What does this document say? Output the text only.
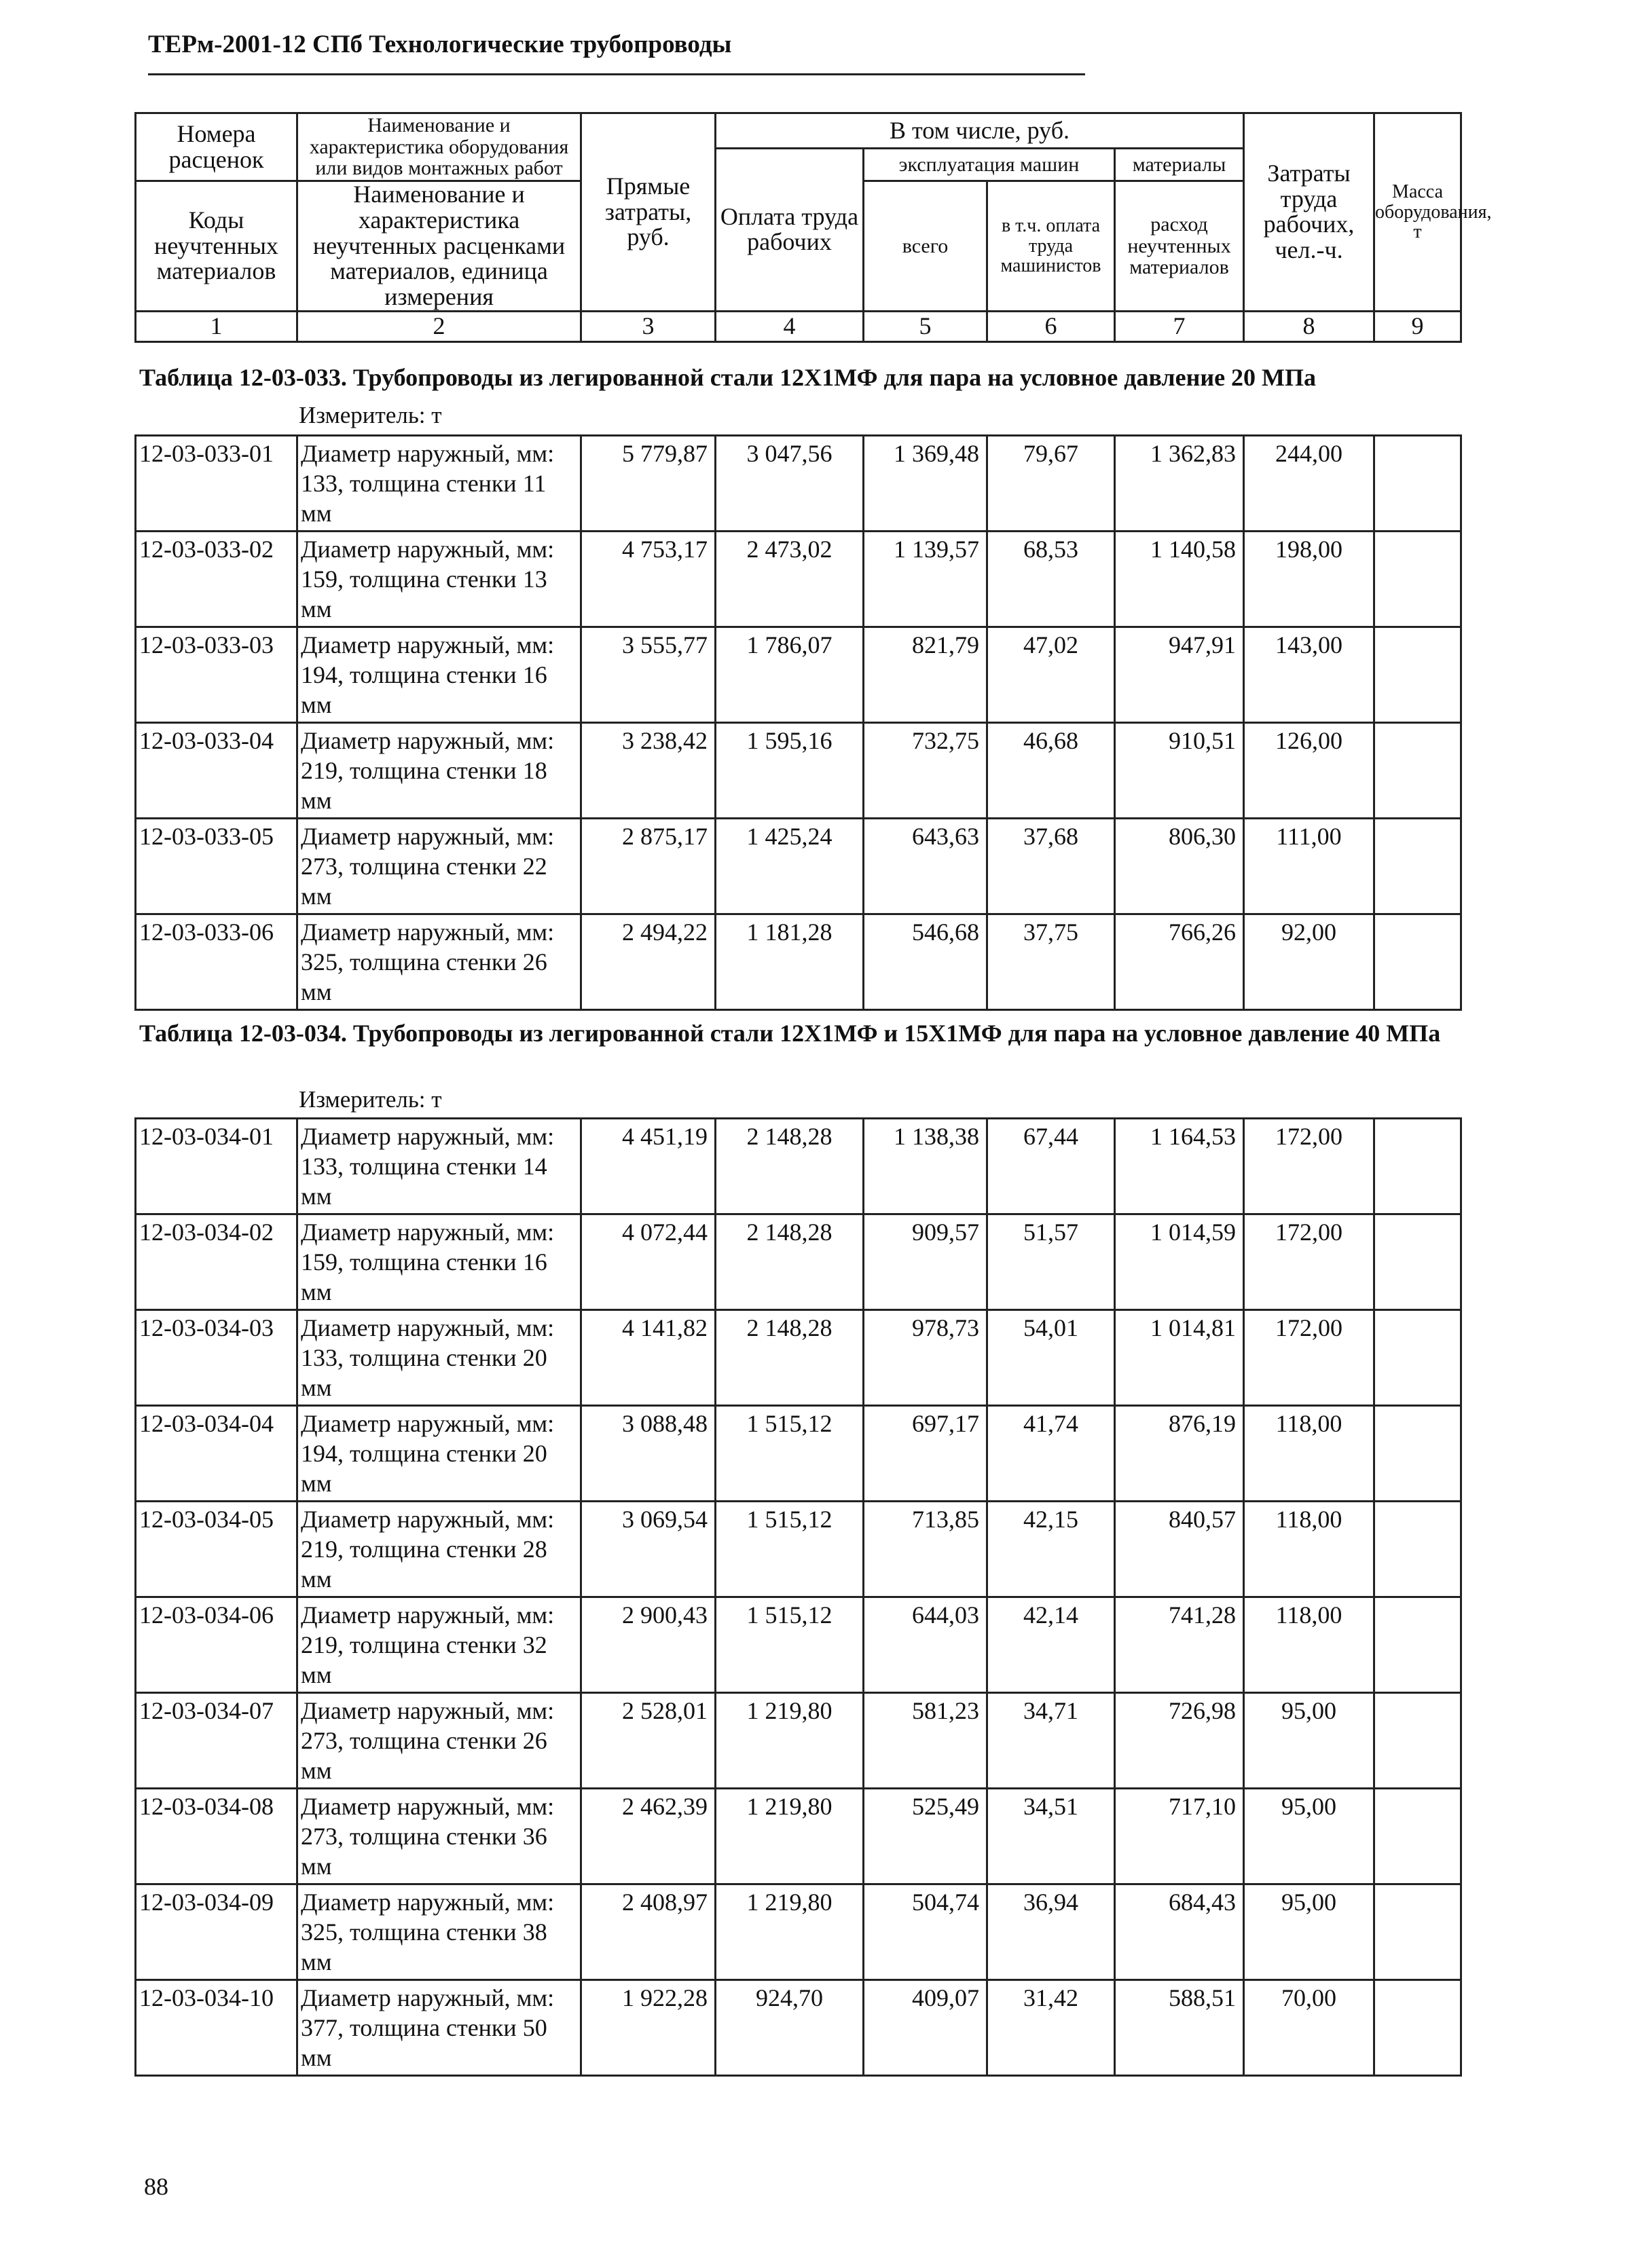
ТЕРм-2001-12 СПб Технологические трубопроводы
Номера расценок	Наименование и характеристика оборудования или видов монтажных работ	Прямые затраты, руб.	В том числе, руб.				Затраты труда рабочих, чел.-ч.	Масса оборудования, т
			Оплата труда рабочих	эксплуатация машин		материалы		

Коды неучтенных материалов	Наименование и характеристика неучтенных расценками материалов, единица измерения			всего	в т.ч. оплата труда машинистов	расход неучтенных материалов		

1	2	3	4	5	6	7	8	9
Таблица 12-03-033. Трубопроводы из легированной стали 12Х1МФ для пара на условное давление 20 МПа
Измеритель: т
12-03-033-01	Диаметр наружный, мм: 133, толщина стенки 11 мм	5 779,87	3 047,56	1 369,48	79,67	1 362,83	244,00	
12-03-033-02	Диаметр наружный, мм: 159, толщина стенки 13 мм	4 753,17	2 473,02	1 139,57	68,53	1 140,58	198,00	
12-03-033-03	Диаметр наружный, мм: 194, толщина стенки 16 мм	3 555,77	1 786,07	821,79	47,02	947,91	143,00	
12-03-033-04	Диаметр наружный, мм: 219, толщина стенки 18 мм	3 238,42	1 595,16	732,75	46,68	910,51	126,00	
12-03-033-05	Диаметр наружный, мм: 273, толщина стенки 22 мм	2 875,17	1 425,24	643,63	37,68	806,30	111,00	
12-03-033-06	Диаметр наружный, мм: 325, толщина стенки 26 мм	2 494,22	1 181,28	546,68	37,75	766,26	92,00	
Таблица 12-03-034. Трубопроводы из легированной стали 12Х1МФ и 15Х1МФ для пара на условное давление 40 МПа
Измеритель: т
12-03-034-01	Диаметр наружный, мм: 133, толщина стенки 14 мм	4 451,19	2 148,28	1 138,38	67,44	1 164,53	172,00	
12-03-034-02	Диаметр наружный, мм: 159, толщина стенки 16 мм	4 072,44	2 148,28	909,57	51,57	1 014,59	172,00	
12-03-034-03	Диаметр наружный, мм: 133, толщина стенки 20 мм	4 141,82	2 148,28	978,73	54,01	1 014,81	172,00	
12-03-034-04	Диаметр наружный, мм: 194, толщина стенки 20 мм	3 088,48	1 515,12	697,17	41,74	876,19	118,00	
12-03-034-05	Диаметр наружный, мм: 219, толщина стенки 28 мм	3 069,54	1 515,12	713,85	42,15	840,57	118,00	
12-03-034-06	Диаметр наружный, мм: 219, толщина стенки 32 мм	2 900,43	1 515,12	644,03	42,14	741,28	118,00	
12-03-034-07	Диаметр наружный, мм: 273, толщина стенки 26 мм	2 528,01	1 219,80	581,23	34,71	726,98	95,00	
12-03-034-08	Диаметр наружный, мм: 273, толщина стенки 36 мм	2 462,39	1 219,80	525,49	34,51	717,10	95,00	
12-03-034-09	Диаметр наружный, мм: 325, толщина стенки 38 мм	2 408,97	1 219,80	504,74	36,94	684,43	95,00	
12-03-034-10	Диаметр наружный, мм: 377, толщина стенки 50 мм	1 922,28	924,70	409,07	31,42	588,51	70,00	
88
